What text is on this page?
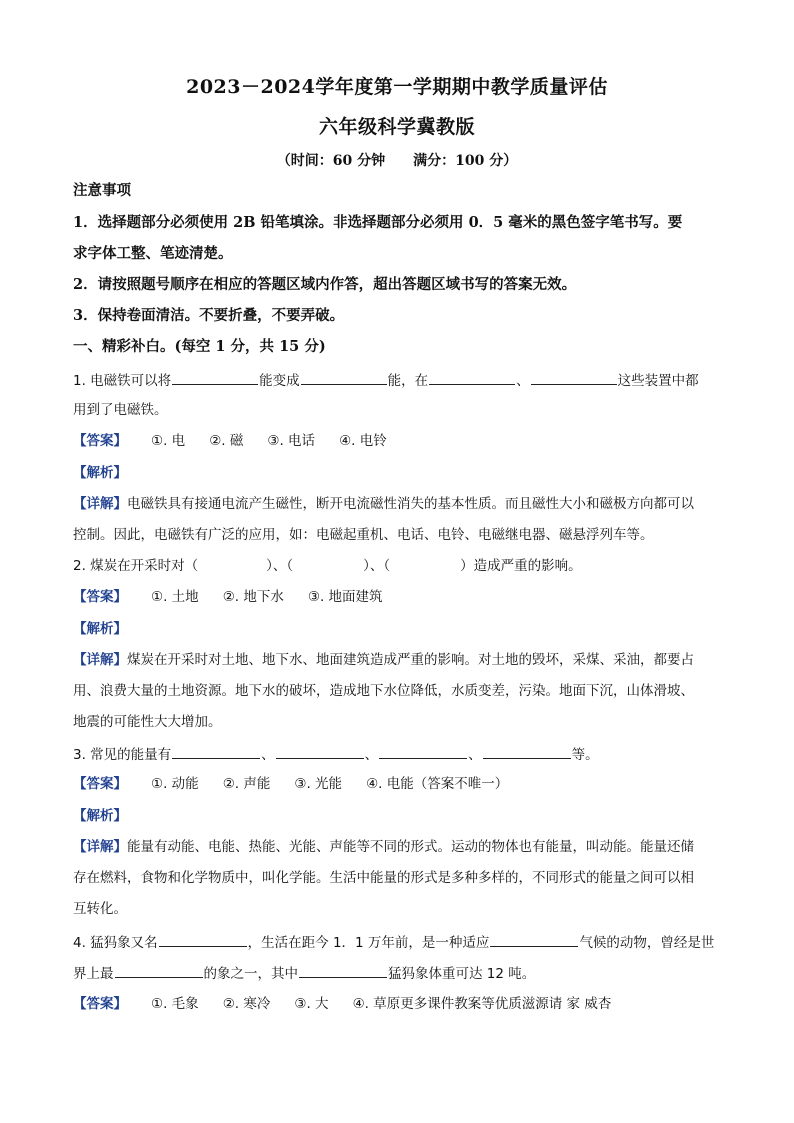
2023－2024学年度第一学期期中教学质量评估
六年级科学冀教版
（时间：60 分钟　　满分：100 分）
注意事项
1．选择题部分必须使用 2B 铅笔填涂。非选择题部分必须用 0．5 毫米的黑色签字笔书写。要
求字体工整、笔迹清楚。
2．请按照题号顺序在相应的答题区域内作答，超出答题区域书写的答案无效。
3．保持卷面清洁。不要折叠，不要弄破。
一、精彩补白。(每空 1 分，共 15 分)
1. 电磁铁可以将	能变成	能，在	、	这些装置中都
用到了电磁铁。
【答案】 ①. 电 ②. 磁 ③. 电话 ④. 电铃
【解析】
【详解】电磁铁具有接通电流产生磁性，断开电流磁性消失的基本性质。而且磁性大小和磁极方向都可以
控制。因此，电磁铁有广泛的应用，如：电磁起重机、电话、电铃、电磁继电器、磁悬浮列车等。
2. 煤炭在开采时对（	）、（	）、（	）造成严重的影响。
【答案】 ①. 土地 ②. 地下水 ③. 地面建筑
【解析】
【详解】煤炭在开采时对土地、地下水、地面建筑造成严重的影响。对土地的毁坏，采煤、采油，都要占
用、浪费大量的土地资源。地下水的破坏，造成地下水位降低，水质变差，污染。地面下沉，山体滑坡、
地震的可能性大大增加。
3. 常见的能量有	、	、	、	等。
【答案】 ①. 动能 ②. 声能 ③. 光能 ④. 电能（答案不唯一）
【解析】
【详解】能量有动能、电能、热能、光能、声能等不同的形式。运动的物体也有能量，叫动能。能量还储
存在燃料，食物和化学物质中，叫化学能。生活中能量的形式是多种多样的，不同形式的能量之间可以相
互转化。
4. 猛犸象又名	，生活在距今 1．1 万年前，是一种适应	气候的动物，曾经是世
界上最	的象之一，其中	猛犸象体重可达 12 吨。
【答案】 ①. 毛象 ②. 寒冷 ③. 大 ④. 草原更多课件教案等优质滋源请 家 威杏
